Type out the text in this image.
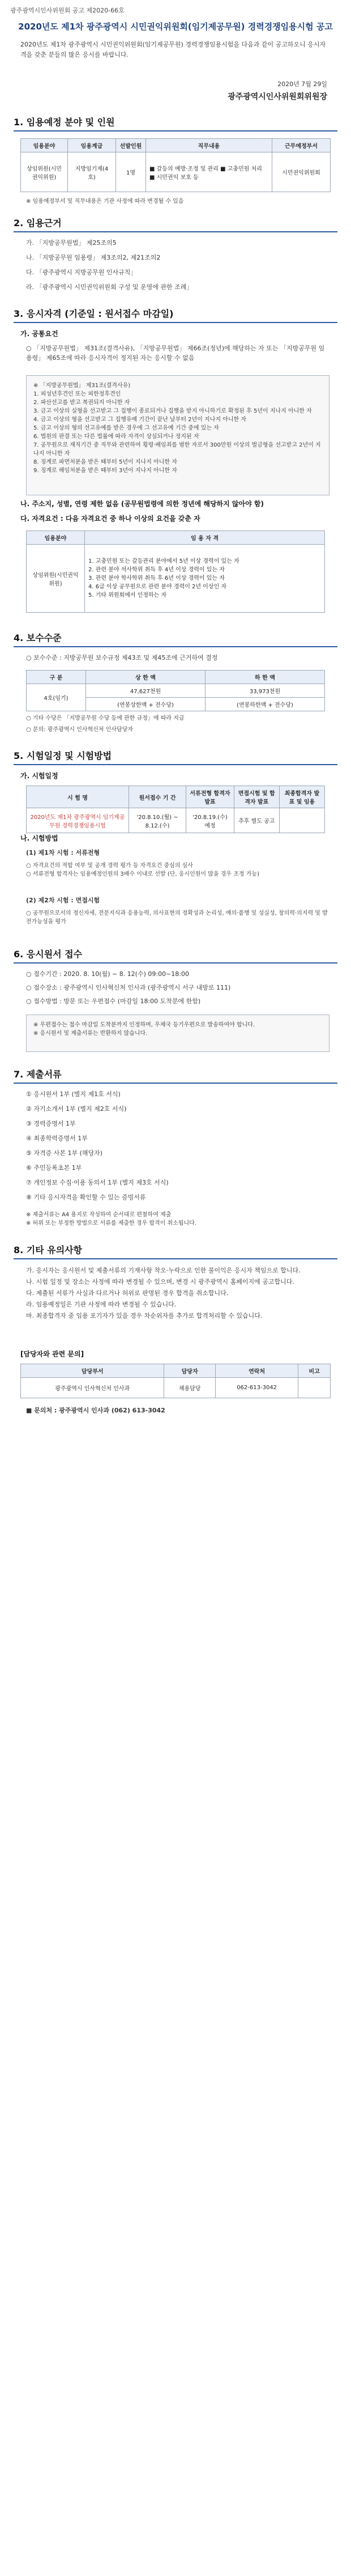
광주광역시인사위원회 공고 제2020-66호
2020년도 제1차 광주광역시 시민권익위원회(임기제공무원) 경력경쟁임용시험 공고
2020년도 제1차 광주광역시 시민권익위원회(임기제공무원) 경력경쟁임용시험을 다음과 같이 공고하오니 응시자격을 갖춘 분들의 많은 응시를 바랍니다.
2020년 7월 29일
광주광역시인사위원회위원장
1. 임용예정 분야 및 인원
임용분야	임용계급	선발인원	직무내용	근무예정부서
상임위원(시민권익위원)	지방임기제(4호)	1명	■ 갈등의 예방·조정 및 관리 ■ 고충민원 처리 ■ 시민권익 보호 등	시민권익위원회
※ 임용예정부서 및 직무내용은 기관 사정에 따라 변경될 수 있음
2. 임용근거
가. 「지방공무원법」 제25조의5
나. 「지방공무원 임용령」 제3조의2, 제21조의2
다. 「광주광역시 지방공무원 인사규칙」
라. 「광주광역시 시민권익위원회 구성 및 운영에 관한 조례」
3. 응시자격 (기준일 : 원서접수 마감일)
가. 공통요건
○ 「지방공무원법」 제31조(결격사유), 「지방공무원법」 제66조(정년)에 해당하는 자 또는 「지방공무원 임용령」 제65조에 따라 응시자격이 정지된 자는 응시할 수 없음
※ 「지방공무원법」 제31조(결격사유)
1. 피성년후견인 또는 피한정후견인
2. 파산선고를 받고 복권되지 아니한 자
3. 금고 이상의 실형을 선고받고 그 집행이 종료되거나 집행을 받지 아니하기로 확정된 후 5년이 지나지 아니한 자
4. 금고 이상의 형을 선고받고 그 집행유예 기간이 끝난 날부터 2년이 지나지 아니한 자
5. 금고 이상의 형의 선고유예를 받은 경우에 그 선고유예 기간 중에 있는 자
6. 법원의 판결 또는 다른 법률에 따라 자격이 상실되거나 정지된 자
7. 공무원으로 재직기간 중 직무와 관련하여 횡령·배임죄를 범한 자로서 300만원 이상의 벌금형을 선고받고 2년이 지나지 아니한 자
8. 징계로 파면처분을 받은 때부터 5년이 지나지 아니한 자
9. 징계로 해임처분을 받은 때부터 3년이 지나지 아니한 자
나. 주소지, 성별, 연령 제한 없음 (공무원법령에 의한 정년에 해당하지 않아야 함)
다. 자격요건 : 다음 자격요건 중 하나 이상의 요건을 갖춘 자
임용분야	임 용 자 격
상임위원(시민권익위원)	1. 고충민원 또는 갈등관리 분야에서 5년 이상 경력이 있는 자
2. 관련 분야 석사학위 취득 후 4년 이상 경력이 있는 자
3. 관련 분야 학사학위 취득 후 6년 이상 경력이 있는 자
4. 6급 이상 공무원으로 관련 분야 경력이 2년 이상인 자
5. 기타 위원회에서 인정하는 자
4. 보수수준
○ 보수수준 : 지방공무원 보수규정 제43조 및 제45조에 근거하여 결정
구 분	상 한 액	하 한 액
4호(임기)	47,627천원	33,973천원
	(연봉상한액 + 전수당)	(연봉하한액 + 전수당)
○ 기타 수당은 「지방공무원 수당 등에 관한 규정」에 따라 지급
○ 문의: 광주광역시 인사혁신처 인사담당자
5. 시험일정 및 시험방법
가. 시험일정
시 험 명	원서접수 기 간	서류전형 합격자발표	면접시험 및 합격자 발표	최종합격자 발표 및 임용
2020년도 제1차 광주광역시 임기제공무원 경력경쟁임용시험	'20.8.10.(월) ~ 8.12.(수)	'20.8.19.(수) 예정	추후 별도 공고	
나. 시험방법
(1) 제1차 시험 : 서류전형
○ 자격요건의 적합 여부 및 공개 경력 평가 등 자격요건 중심의 심사
○ 서류전형 합격자는 임용예정인원의 3배수 이내로 선발 (단, 응시인원이 많을 경우 조정 가능)
(2) 제2차 시험 : 면접시험
○ 공무원으로서의 정신자세, 전문지식과 응용능력, 의사표현의 정확성과 논리성, 예의·품행 및 성실성, 창의력·의지력 및 발전가능성을 평가
6. 응시원서 접수
○ 접수기간 : 2020. 8. 10(월) ~ 8. 12(수) 09:00~18:00
○ 접수장소 : 광주광역시 인사혁신처 인사과 (광주광역시 서구 내방로 111)
○ 접수방법 : 방문 또는 우편접수 (마감일 18:00 도착분에 한함)
※ 우편접수는 접수 마감일 도착분까지 인정하며, 우체국 등기우편으로 발송하여야 합니다.
※ 응시원서 및 제출서류는 반환하지 않습니다.
7. 제출서류
① 응시원서 1부 (별지 제1호 서식)
② 자기소개서 1부 (별지 제2호 서식)
③ 경력증명서 1부
④ 최종학력증명서 1부
⑤ 자격증 사본 1부 (해당자)
⑥ 주민등록초본 1부
⑦ 개인정보 수집·이용 동의서 1부 (별지 제3호 서식)
⑧ 기타 응시자격을 확인할 수 있는 증빙서류
※ 제출서류는 A4 용지로 작성하여 순서대로 편철하여 제출
※ 허위 또는 부정한 방법으로 서류를 제출한 경우 합격이 취소됩니다.
8. 기타 유의사항
가. 응시자는 응시원서 및 제출서류의 기재사항 착오·누락으로 인한 불이익은 응시자 책임으로 합니다.
나. 시험 일정 및 장소는 사정에 따라 변경될 수 있으며, 변경 시 광주광역시 홈페이지에 공고합니다.
다. 제출된 서류가 사실과 다르거나 허위로 판명된 경우 합격을 취소합니다.
라. 임용예정일은 기관 사정에 따라 변경될 수 있습니다.
마. 최종합격자 중 임용 포기자가 있을 경우 차순위자를 추가로 합격처리할 수 있습니다.
[담당자와 관련 문의]
담당부서	담당자	연락처	비고
광주광역시 인사혁신처 인사과	채용담당	062-613-3042	
■ 문의처 : 광주광역시 인사과 (062) 613-3042
